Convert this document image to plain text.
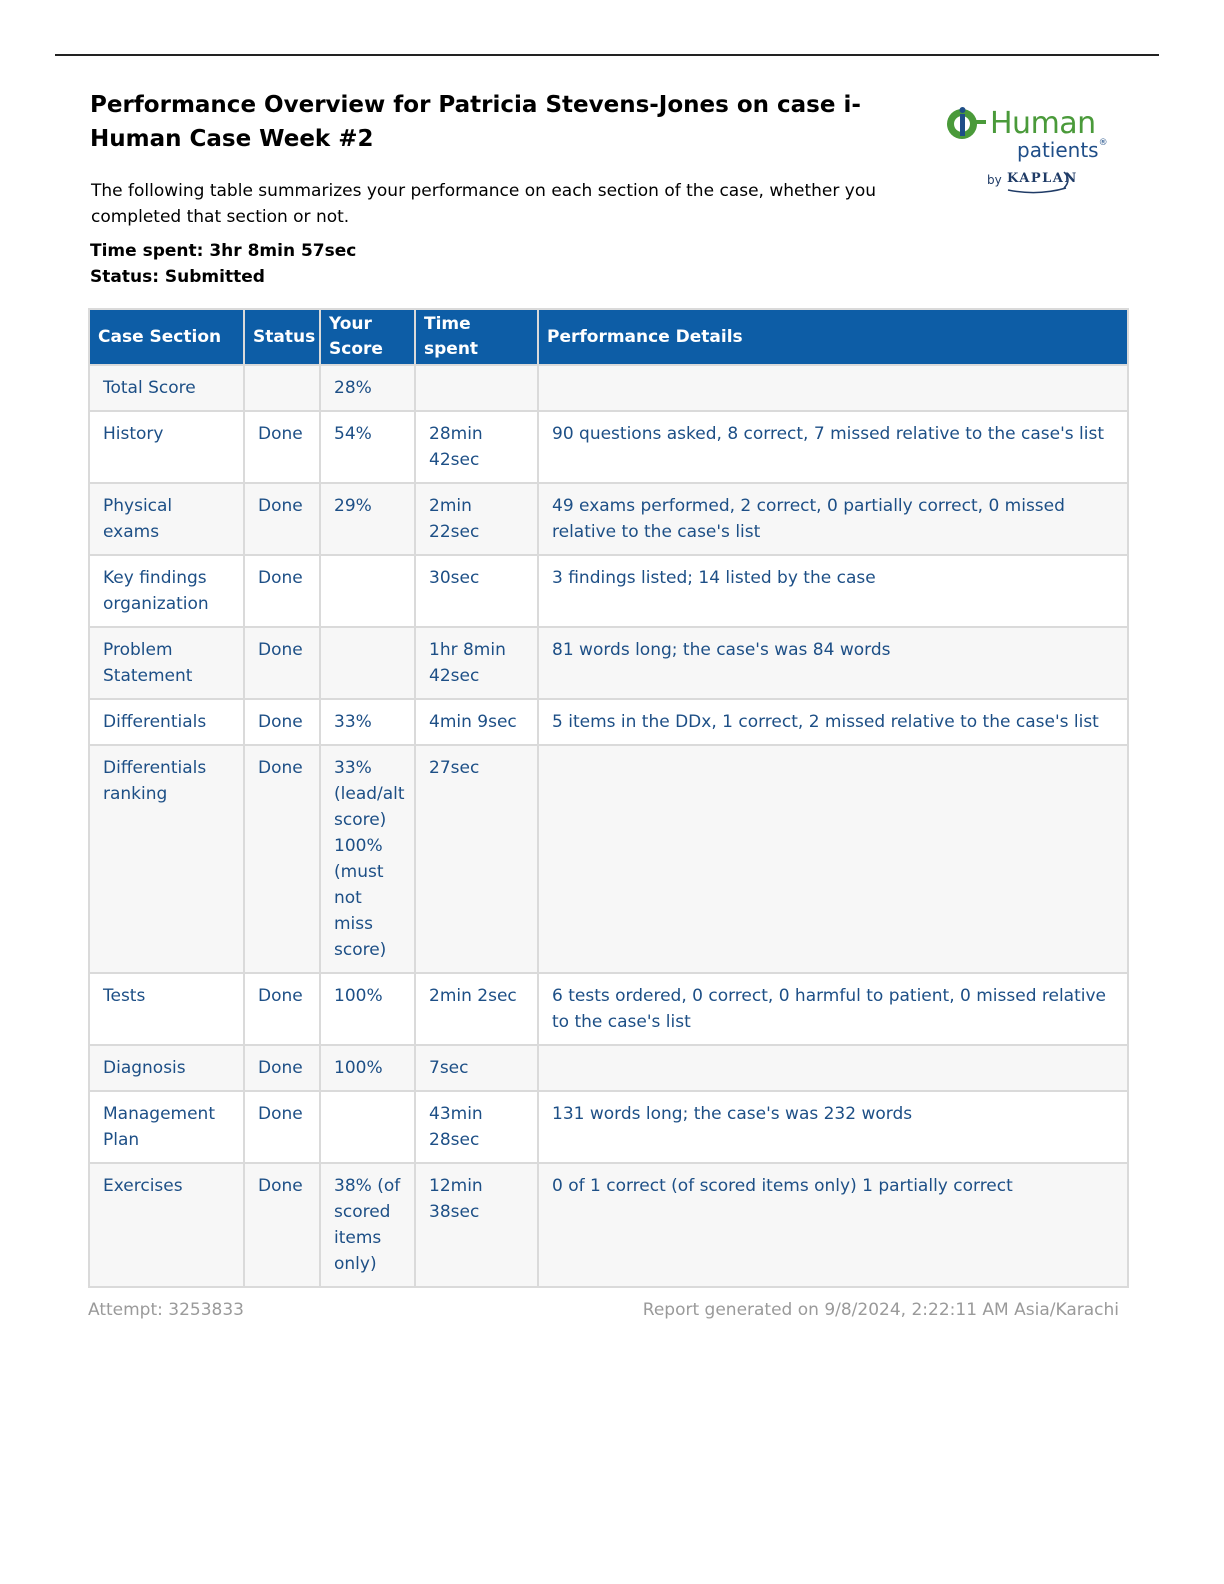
Performance Overview for Patricia Stevens-Jones on case i-Human Case Week #2	Human
patients®
by KAPLAN

The following table summarizes your performance on each section of the case, whether you completed that section or not.

Time spent: 3hr 8min 57sec

Status: Submitted

Case Section	Status	Your Score	Time spent	Performance Details
Total Score		28%		
History	Done	54%	28min 42sec	90 questions asked, 8 correct, 7 missed relative to the case's list
Physical exams	Done	29%	2min 22sec	49 exams performed, 2 correct, 0 partially correct, 0 missed relative to the case's list
Key findings organization	Done		30sec	3 findings listed; 14 listed by the case
Problem Statement	Done		1hr 8min 42sec	81 words long; the case's was 84 words
Differentials	Done	33%	4min 9sec	5 items in the DDx, 1 correct, 2 missed relative to the case's list
Differentials ranking	Done	33% (lead/alt score) 100% (must not miss score)	27sec	
Tests	Done	100%	2min 2sec	6 tests ordered, 0 correct, 0 harmful to patient, 0 missed relative to the case's list
Diagnosis	Done	100%	7sec	
Management Plan	Done		43min 28sec	131 words long; the case's was 232 words
Exercises	Done	38% (of scored items only)	12min 38sec	0 of 1 correct (of scored items only) 1 partially correct
Attempt: 3253833	Report generated on 9/8/2024, 2:22:11 AM Asia/Karachi
